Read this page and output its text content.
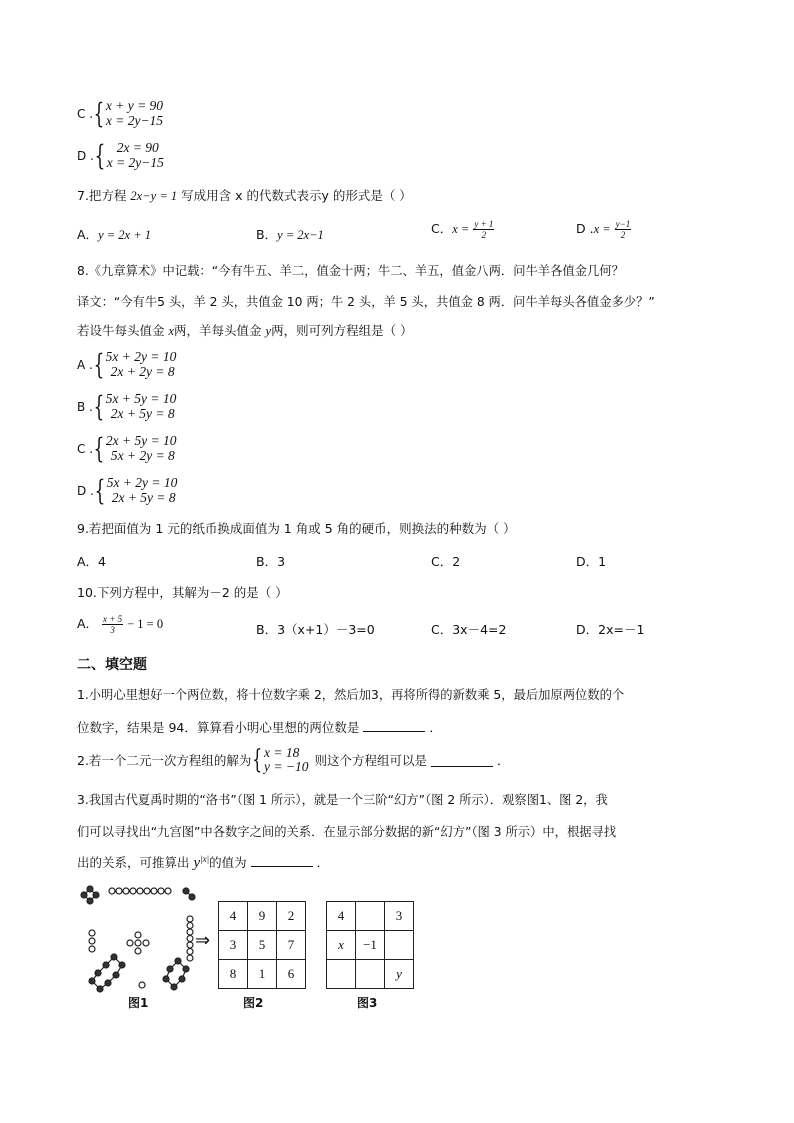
C . { x + y = 90
x = 2y−15
D . { 2x = 90
x = 2y−15
7.把方程 2x−y = 1 写成用含 x 的代数式表示y 的形式是（ ）
A．y = 2x + 1	B．y = 2x−1	C．$x = \frac{y + 1}{2}$	D $.x = \frac{y-1}{2}$
8.《九章算术》中记载：“今有牛五、羊二，值金十两；牛二、羊五，值金八两．问牛羊各值金几何？
译文：“今有牛5 头，羊 2 头，共值金 10 两；牛 2 头，羊 5 头，共值金 8 两．问牛羊每头各值金多少？”
若设牛每头值金 x两，羊每头值金 y两，则可列方程组是（ ）
A . { 5x + 2y = 10
2x + 2y = 8
B . { 5x + 5y = 10
2x + 5y = 8
C . { 2x + 5y = 10
5x + 2y = 8
D . { 5x + 2y = 10
2x + 5y = 8
9.若把面值为 1 元的纸币换成面值为 1 角或 5 角的硬币，则换法的种数为（ ）
A．4	B．3	C．2	D．1
10.下列方程中，其解为－2 的是（ ）
A． $\frac{x + 5}{3} - 1 = 0$	B．3（x+1）－3=0	C．3x－4=2	D．2x=－1
二、填空题
1.小明心里想好一个两位数，将十位数字乘 2，然后加3，再将所得的新数乘 5，最后加原两位数的个
位数字，结果是 94．算算看小明心里想的两位数是	．
2.若一个二元一次方程组的解为 { x = 18
y = −10 则这个方程组可以是	．
3.我国古代夏禹时期的“洛书”（图 1 所示），就是一个三阶“幻方”（图 2 所示）．观察图1、图 2，我
们可以寻找出“九宫图”中各数字之间的关系．在显示部分数据的新“幻方”（图 3 所示）中，根据寻找
出的关系，可推算出 $y^{|x|}$的值为	．
图1
⇒
4	9	2
3	5	7
8	1	6
图2
4		3
x	−1	
		y
图3
